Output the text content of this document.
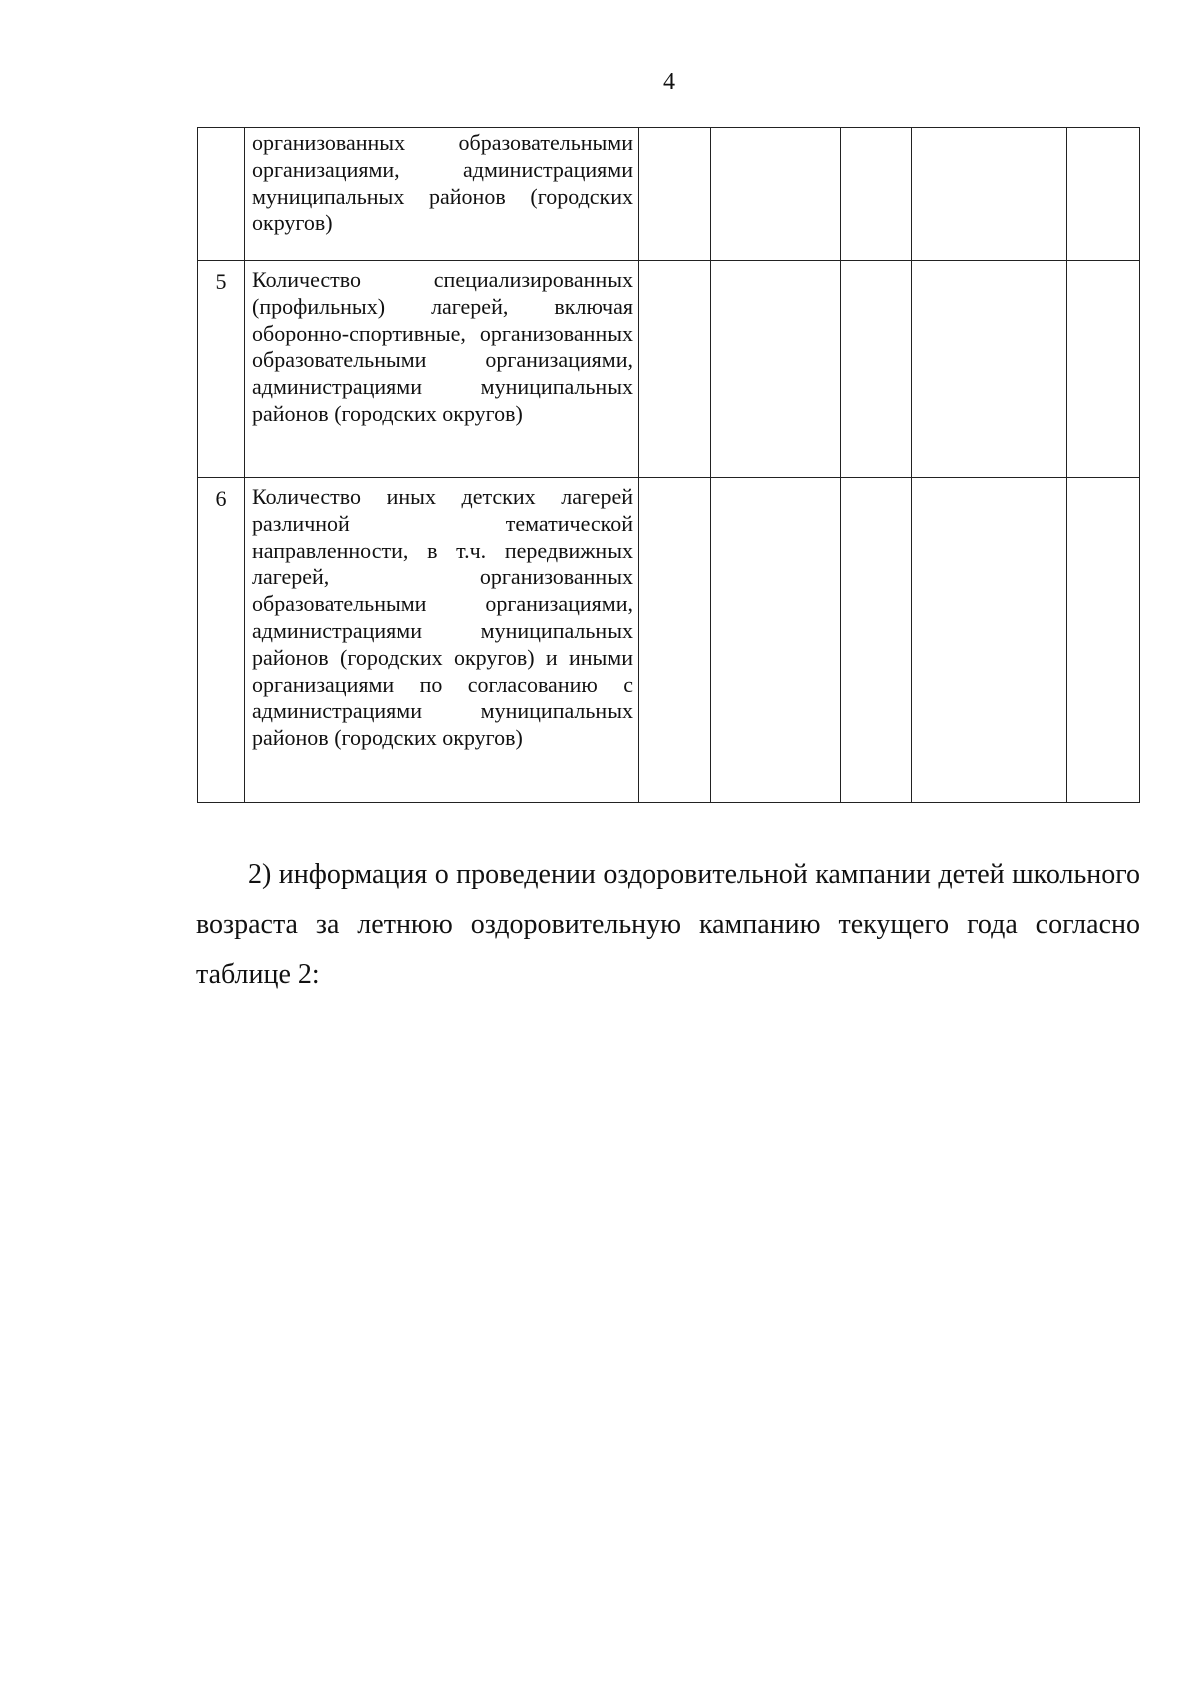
4
	организованных образовательными организациями, администрациями муниципальных районов (городских округов)					
5	Количество специализированных (профильных) лагерей, включая оборонно-спортивные, организованных образовательными организациями, администрациями муниципальных районов (городских округов)					
6	Количество иных детских лагерей различной тематической направленности, в т.ч. передвижных лагерей, организованных образовательными организациями, администрациями муниципальных районов (городских округов) и иными организациями по согласованию с администрациями муниципальных районов (городских округов)					

2) информация о проведении оздоровительной кампании детей школьного возраста за летнюю оздоровительную кампанию текущего года согласно таблице 2:
